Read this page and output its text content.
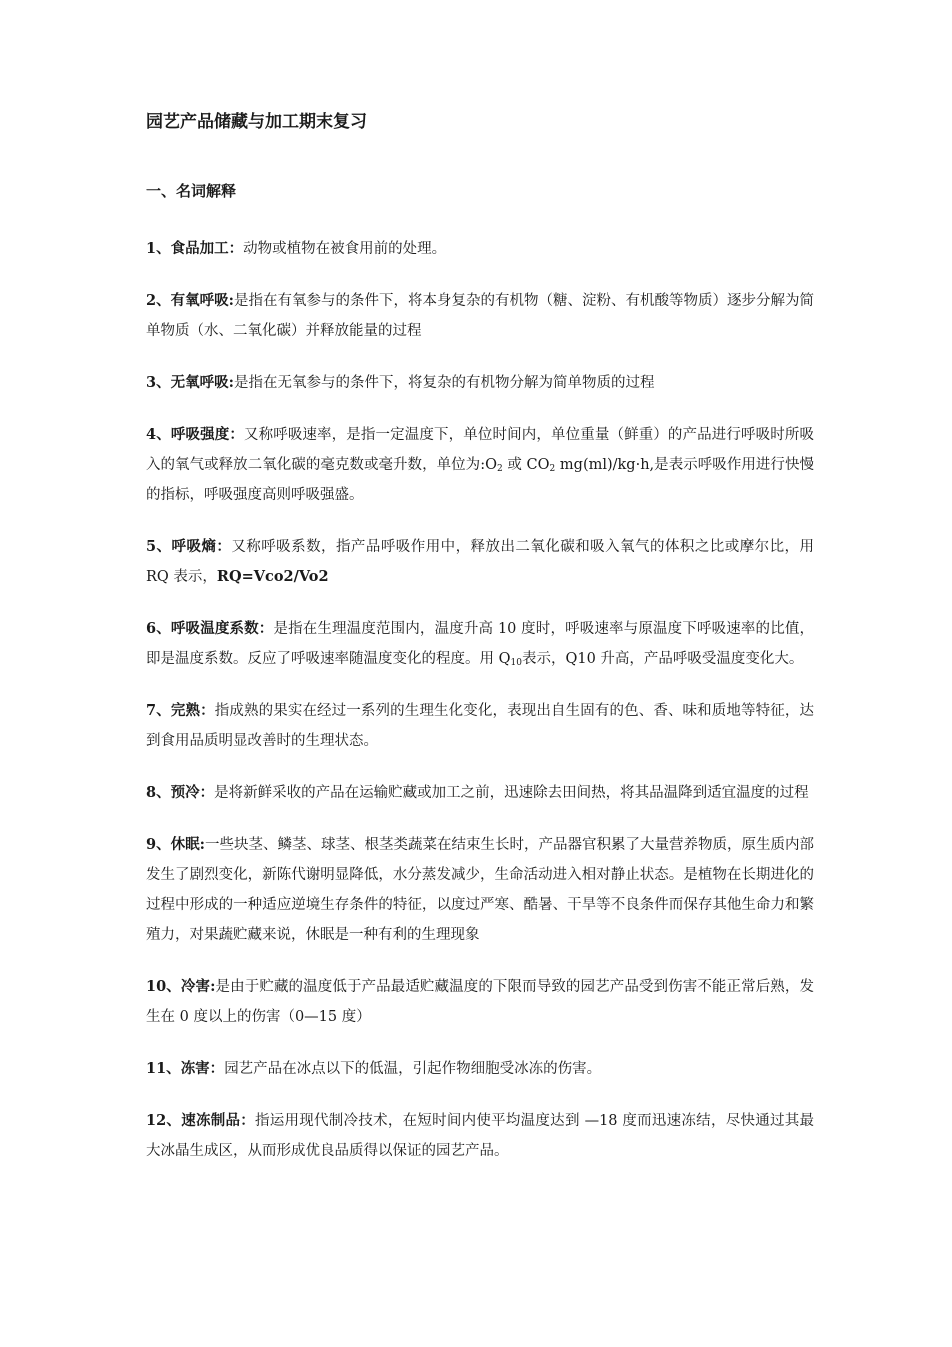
园艺产品储藏与加工期末复习
一、名词解释
1、食品加工：动物或植物在被食用前的处理。
2、有氧呼吸:是指在有氧参与的条件下，将本身复杂的有机物（糖、淀粉、有机酸等物质）逐步分解为简单物质（水、二氧化碳）并释放能量的过程
3、无氧呼吸:是指在无氧参与的条件下，将复杂的有机物分解为简单物质的过程
4、呼吸强度：又称呼吸速率，是指一定温度下，单位时间内，单位重量（鲜重）的产品进行呼吸时所吸入的氧气或释放二氧化碳的毫克数或毫升数，单位为$:O_2$ 或 $CO_2$ mg(ml)/kg·h,是表示呼吸作用进行快慢的指标，呼吸强度高则呼吸强盛。
5、呼吸熵：又称呼吸系数，指产品呼吸作用中，释放出二氧化碳和吸入氧气的体积之比或摩尔比，用 RQ 表示，RQ=Vco2/Vo2
6、呼吸温度系数：是指在生理温度范围内，温度升高 10 度时，呼吸速率与原温度下呼吸速率的比值，即是温度系数。反应了呼吸速率随温度变化的程度。用 $Q_{10}$表示，Q10 升高，产品呼吸受温度变化大。
7、完熟：指成熟的果实在经过一系列的生理生化变化，表现出自生固有的色、香、味和质地等特征，达到食用品质明显改善时的生理状态。
8、预冷：是将新鲜采收的产品在运输贮藏或加工之前，迅速除去田间热，将其品温降到适宜温度的过程
9、休眠:一些块茎、鳞茎、球茎、根茎类蔬菜在结束生长时，产品器官积累了大量营养物质，原生质内部发生了剧烈变化，新陈代谢明显降低，水分蒸发减少，生命活动进入相对静止状态。是植物在长期进化的过程中形成的一种适应逆境生存条件的特征，以度过严寒、酷暑、干旱等不良条件而保存其他生命力和繁殖力，对果蔬贮藏来说，休眠是一种有利的生理现象
10、冷害:是由于贮藏的温度低于产品最适贮藏温度的下限而导致的园艺产品受到伤害不能正常后熟，发生在 0 度以上的伤害（0—15 度）
11、冻害：园艺产品在冰点以下的低温，引起作物细胞受冰冻的伤害。
12、速冻制品：指运用现代制冷技术，在短时间内使平均温度达到 —18 度而迅速冻结，尽快通过其最大冰晶生成区，从而形成优良品质得以保证的园艺产品。
